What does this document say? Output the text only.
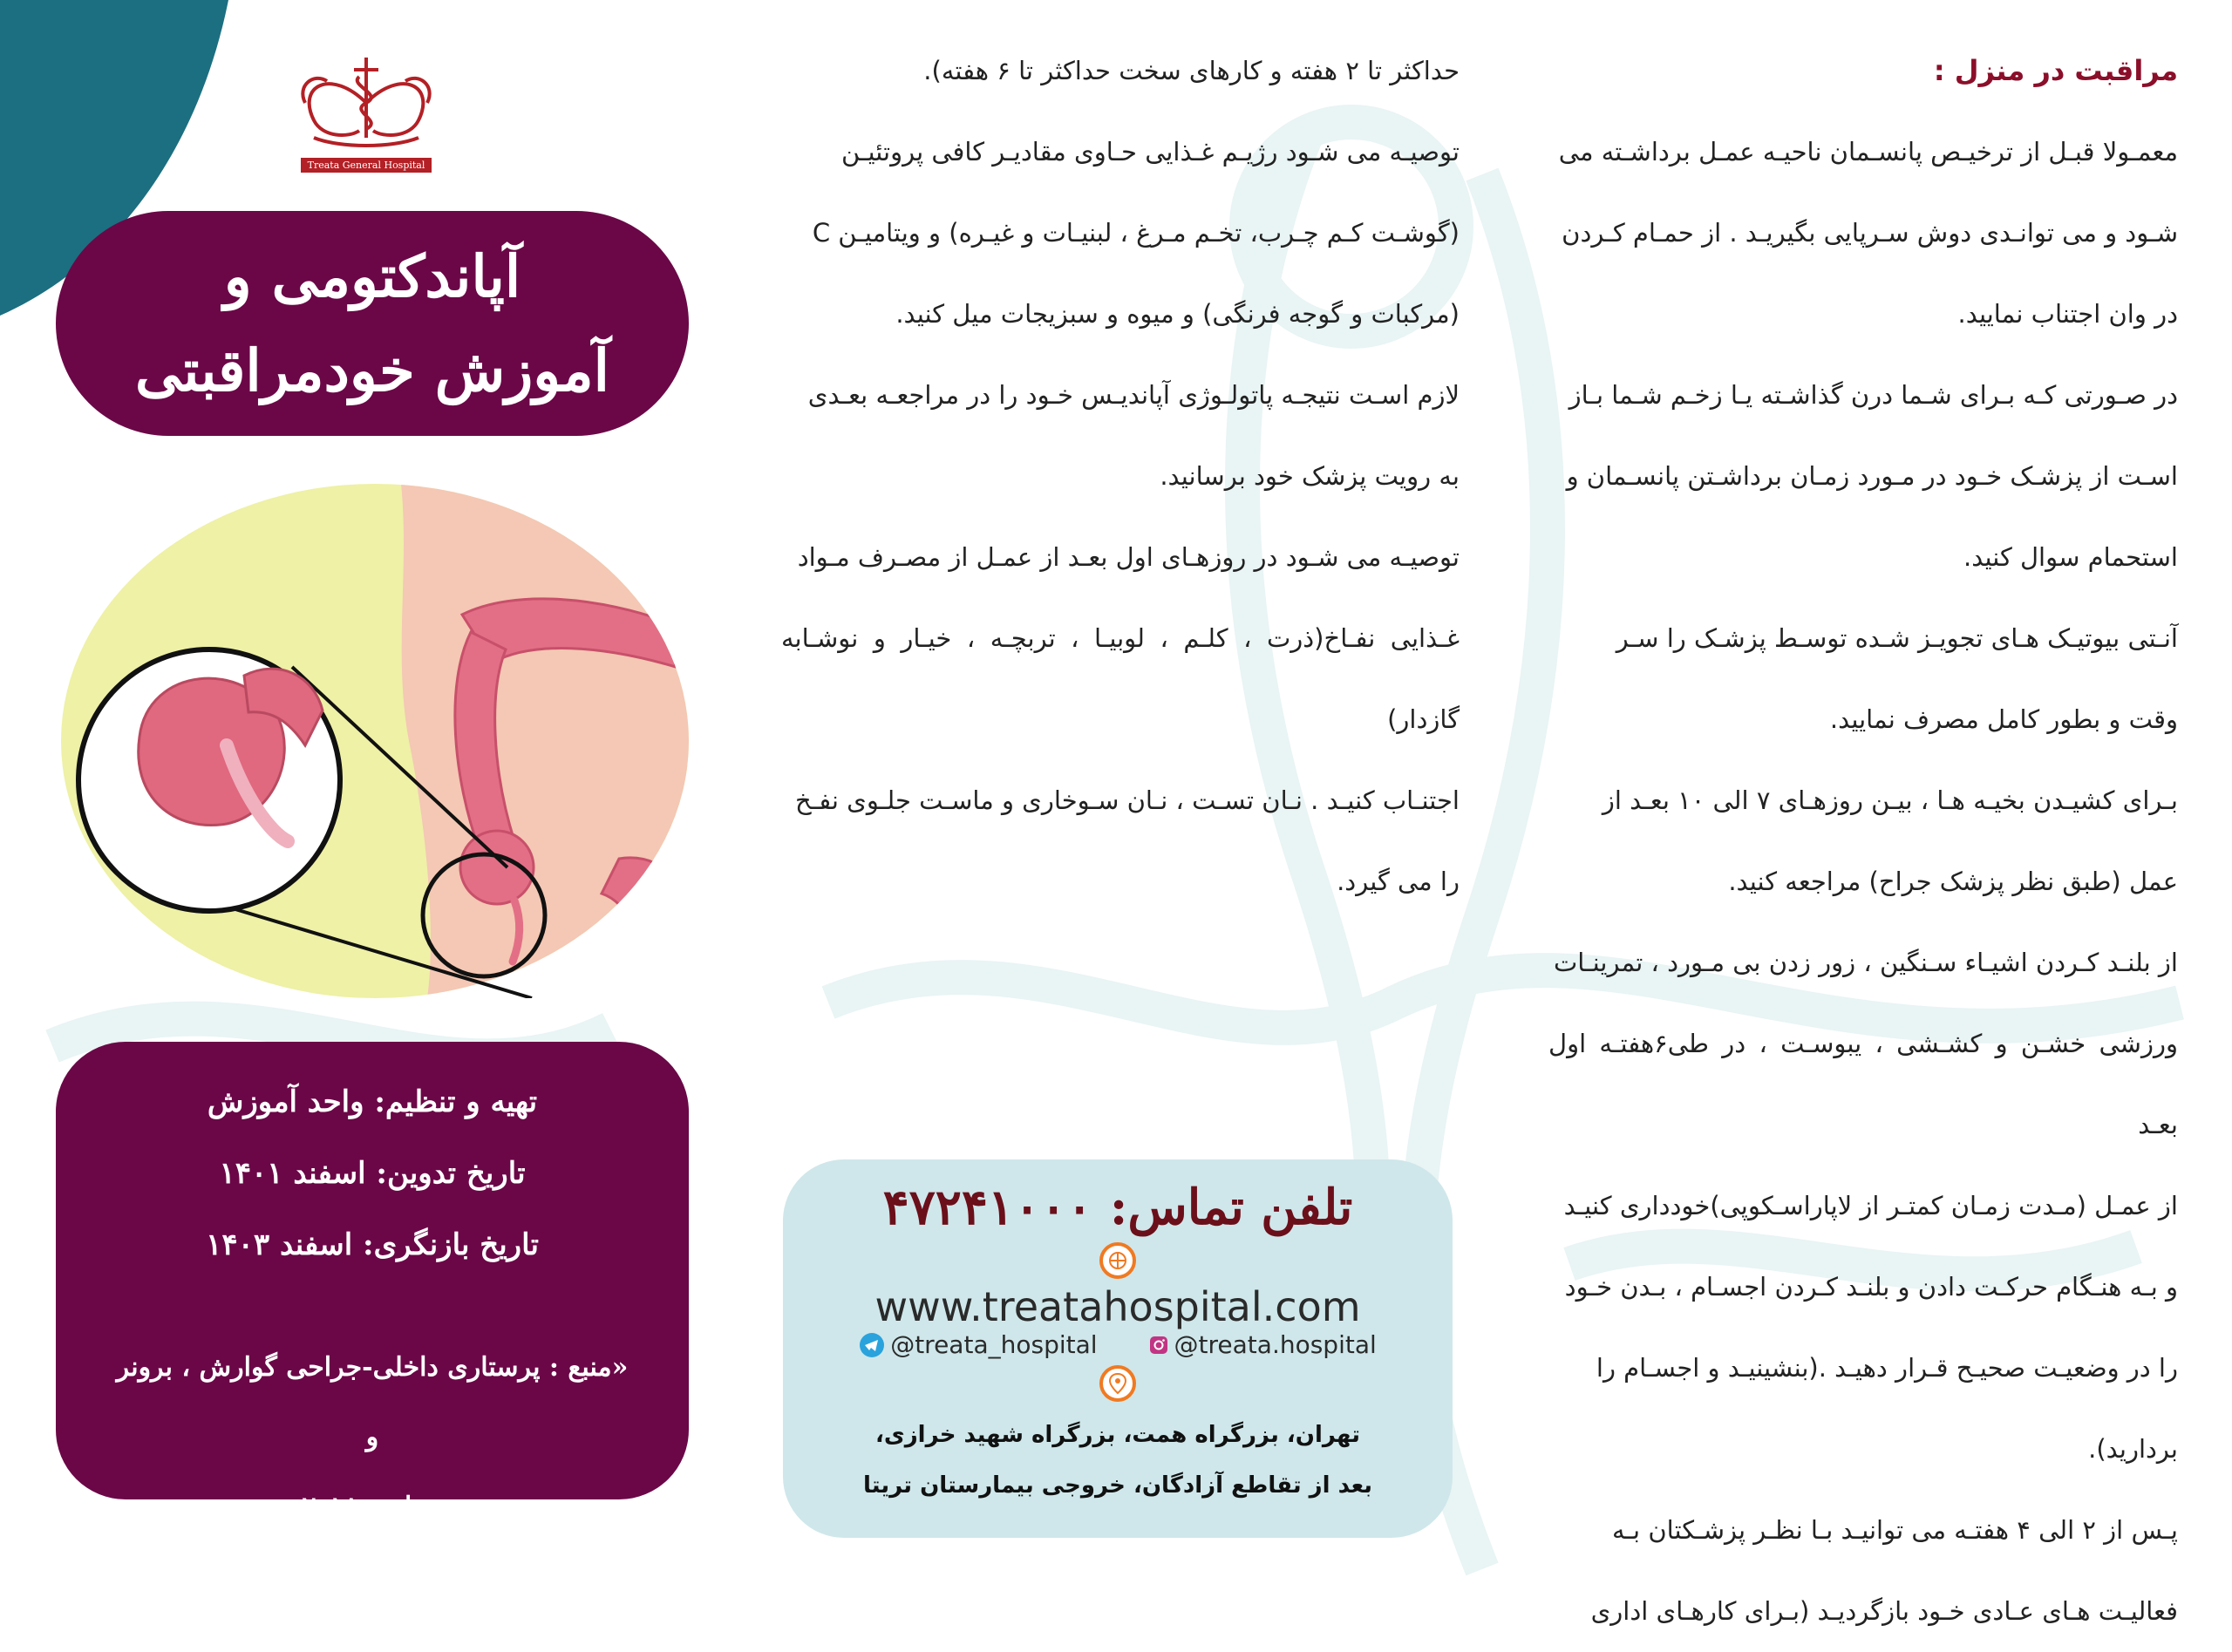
Treata General Hospital
آپاندکتومی و
آموزش خودمراقبتی
تهیه و تنظیم: واحد آموزش
تاریخ تدوین: اسفند ۱۴۰۱
تاریخ بازنگری: اسفند ۱۴۰۳
«منبع : پرستاری داخلی-جراحی گوارش ، برونر و
سودارث ۲۰۱۸»

حداکثر تا ۲ هفته و کارهای سخت حداکثر تا ۶ هفته).

توصیـه می شـود رژیـم غـذایی حـاوی مقادیـر کافی پروتئیـن

(گوشـت کـم چـرب، تخـم مـرغ ، لبنیـات و غیـره) و ویتامیـن C

(مرکبات و گوجه فرنگی) و میوه و سبزیجات میل کنید.

لازم اسـت نتیجـه پاتولـوژی آپاندیـس خـود را در مراجعـه بعـدی

به رویت پزشک خود برسانید.

توصیـه می شـود در روزهـای اول بعـد از عمـل از مصـرف مـواد

غـذایی نفـاخ(ذرت ، کلـم ، لوبیـا ، تربچـه ، خیـار و نوشـابه گازدار)

اجتنـاب کنیـد . نـان تسـت ، نـان سـوخاری و ماسـت جلـوی نفـخ

را می گیرد.

تلفن تماس: ۴۷۲۴۱۰۰۰
www.treatahospital.com
@treata_hospital	@treata.hospital
تهران، بزرگراه همت، بزرگراه شهید خرازی،
بعد از تقاطع آزادگان، خروجی بیمارستان تریتا

مراقبت در منزل :

معمـولا قبـل از ترخیـص پانسـمان ناحیـه عمـل برداشـته می

شـود و می توانـدی دوش سـرپایی بگیریـد . از حمـام کـردن

در وان اجتناب نمایید.

در صـورتی کـه بـرای شـما درن گذاشـته یـا زخـم شـما بـاز

اسـت از پزشـک خـود در مـورد زمـان برداشـتن پانسـمان و

استحمام سوال کنید.

آنـتی بیوتیـک هـای تجویـز شـده توسـط پزشـک را سـر

وقت و بطور کامل مصرف نمایید.

بـرای کشیـدن بخیـه هـا ، بیـن روزهـای ۷ الی ۱۰ بعـد از

عمل (طبق نظر پزشک جراح) مراجعه کنید.

از بلنـد کـردن اشیـاء سـنگین ، زور زدن بی مـورد ، تمرینـات

ورزشی خشـن و کشـشی ، یبوسـت ، در طی۶هفتـه اول بعـد

از عمـل (مـدت زمـان کمتـر از لاپاراسـکوپی)خودداری کنیـد

و بـه هنـگام حرکـت دادن و بلنـد کـردن اجسـام ، بـدن خـود

را در وضعیـت صحیـح قـرار دهیـد .(بنشینیـد و اجسـام را

بردارید).

پـس از ۲ الی ۴ هفتـه می توانیـد بـا نظـر پزشـکتان بـه

فعالیـت هـای عـادی خـود بازگردیـد (بـرای کارهـای اداری
